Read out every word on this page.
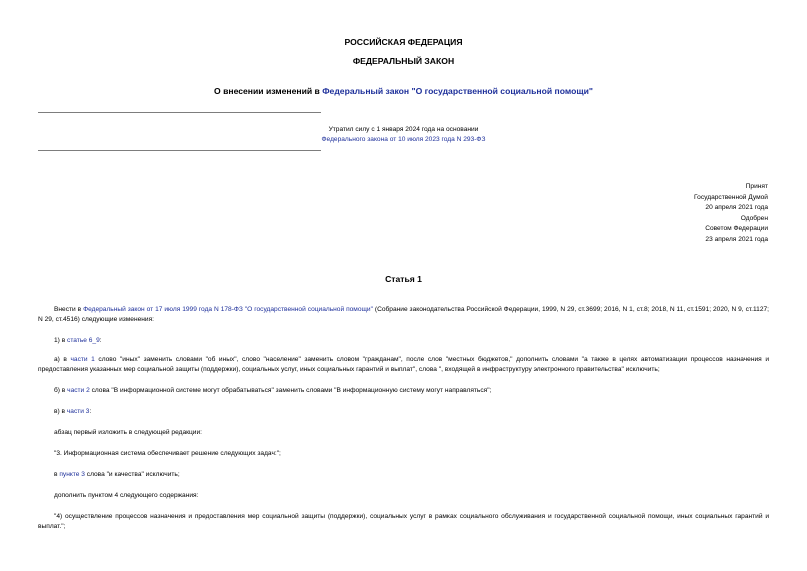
РОССИЙСКАЯ ФЕДЕРАЦИЯ
ФЕДЕРАЛЬНЫЙ ЗАКОН
О внесении изменений в Федеральный закон "О государственной социальной помощи"
Утратил силу с 1 января 2024 года на основании
Федерального закона от 10 июля 2023 года N 293-ФЗ
Принят
Государственной Думой
20 апреля 2021 года
Одобрен
Советом Федерации
23 апреля 2021 года
Статья 1
Внести в Федеральный закон от 17 июля 1999 года N 178-ФЗ "О государственной социальной помощи" (Собрание законодательства Российской Федерации, 1999, N 29, ст.3699; 2016, N 1, ст.8; 2018, N 11, ст.1591; 2020, N 9, ст.1127; N 29, ст.4516) следующие изменения:
1) в статье 6_9:
а) в части 1 слово "иных" заменить словами "об иных", слово "население" заменить словом "гражданам", после слов "местных бюджетов," дополнить словами "а также в целях автоматизации процессов назначения и предоставления указанных мер социальной защиты (поддержки), социальных услуг, иных социальных гарантий и выплат", слова ", входящей в инфраструктуру электронного правительства" исключить;
б) в части 2 слова "В информационной системе могут обрабатываться" заменить словами "В информационную систему могут направляться";
в) в части 3:
абзац первый изложить в следующей редакции:
"3. Информационная система обеспечивает решение следующих задач:";
в пункте 3 слова "и качества" исключить;
дополнить пунктом 4 следующего содержания:
"4) осуществление процессов назначения и предоставления мер социальной защиты (поддержки), социальных услуг в рамках социального обслуживания и государственной социальной помощи, иных социальных гарантий и выплат.";
